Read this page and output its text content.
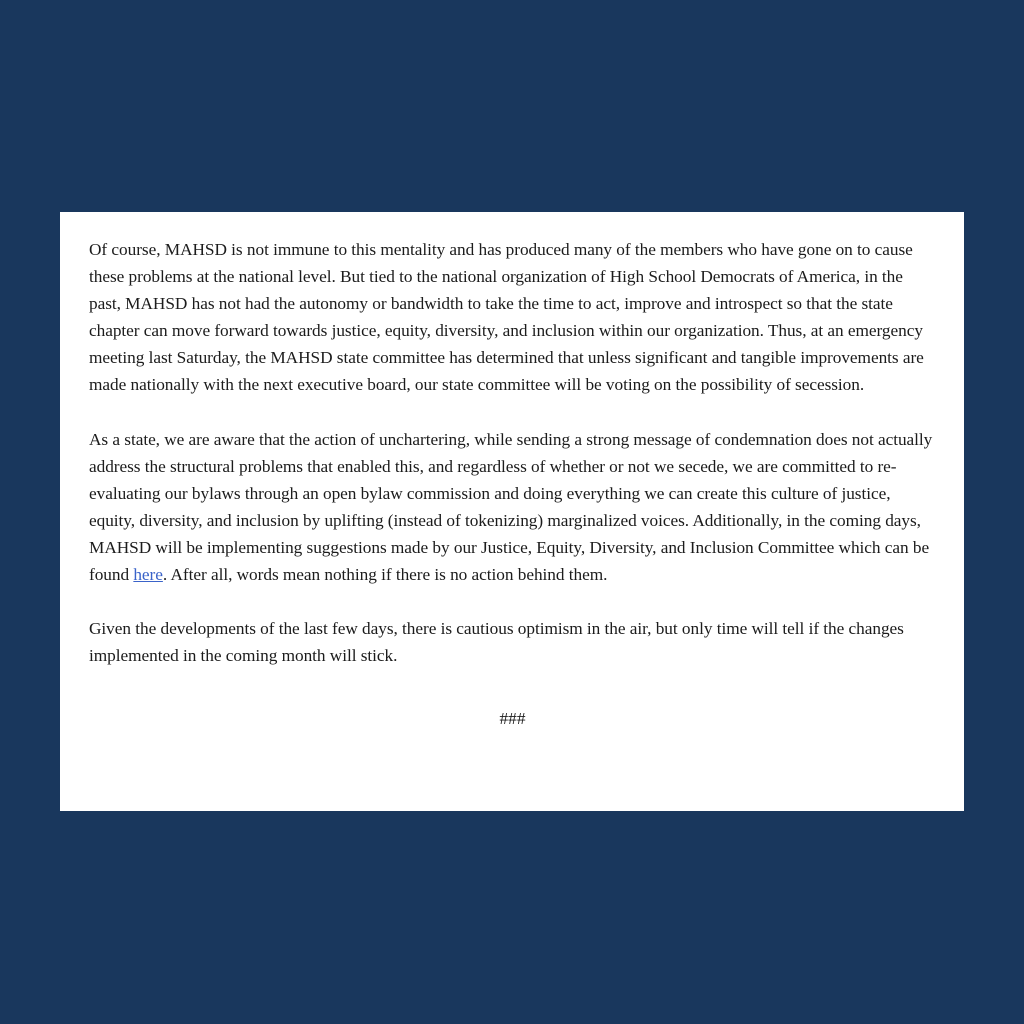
Of course, MAHSD is not immune to this mentality and has produced many of the members who have gone on to cause these problems at the national level. But tied to the national organization of High School Democrats of America, in the past, MAHSD has not had the autonomy or bandwidth to take the time to act, improve and introspect so that the state chapter can move forward towards justice, equity, diversity, and inclusion within our organization. Thus, at an emergency meeting last Saturday, the MAHSD state committee has determined that unless significant and tangible improvements are made nationally with the next executive board, our state committee will be voting on the possibility of secession.

As a state, we are aware that the action of unchartering, while sending a strong message of condemnation does not actually address the structural problems that enabled this, and regardless of whether or not we secede, we are committed to re-evaluating our bylaws through an open bylaw commission and doing everything we can create this culture of justice, equity, diversity, and inclusion by uplifting (instead of tokenizing) marginalized voices. Additionally, in the coming days, MAHSD will be implementing suggestions made by our Justice, Equity, Diversity, and Inclusion Committee which can be found here. After all, words mean nothing if there is no action behind them.

Given the developments of the last few days, there is cautious optimism in the air, but only time will tell if the changes implemented in the coming month will stick.

###
